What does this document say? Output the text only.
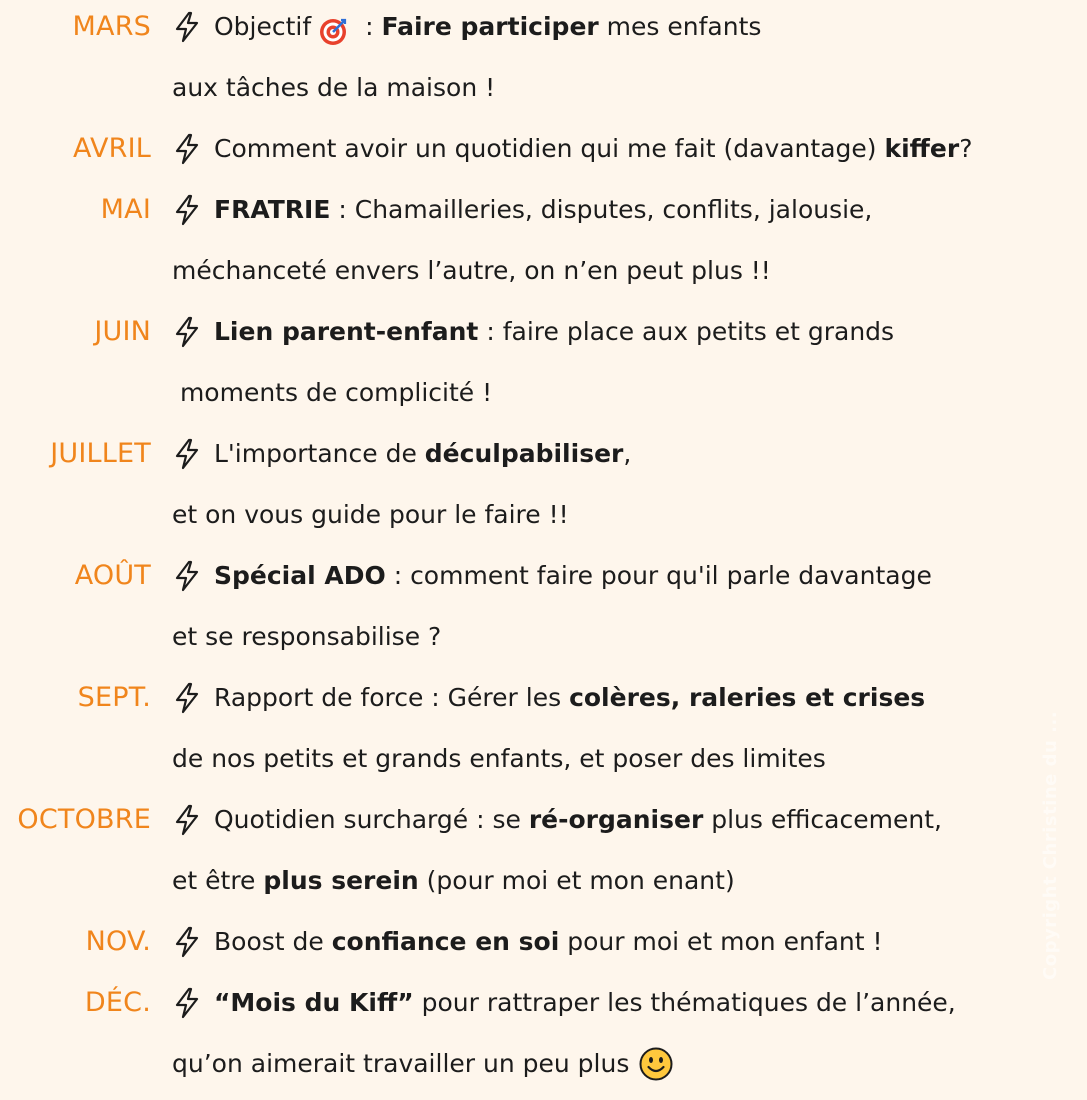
MARS	Objectif : Faire participer mes enfants
aux tâches de la maison !
AVRIL	Comment avoir un quotidien qui me fait (davantage) kiffer ?
MAI	FRATRIE : Chamailleries, disputes, conflits, jalousie,
méchanceté envers l’autre, on n’en peut plus !!
JUIN	Lien parent-enfant : faire place aux petits et grands
moments de complicité !
JUILLET	L'importance de déculpabiliser ,
et on vous guide pour le faire !!
AOÛT	Spécial ADO : comment faire pour qu'il parle davantage
et se responsabilise ?
SEPT.	Rapport de force : Gérer les colères, raleries et crises
de nos petits et grands enfants, et poser des limites
OCTOBRE	Quotidien surchargé : se ré-organiser plus efficacement,
et être plus serein (pour moi et mon enant)
NOV.	Boost de confiance en soi pour moi et mon enfant !
DÉC.	“Mois du Kiff” pour rattraper les thématiques de l’année,
qu’on aimerait travailler un peu plus
Copyright Christine du ...
